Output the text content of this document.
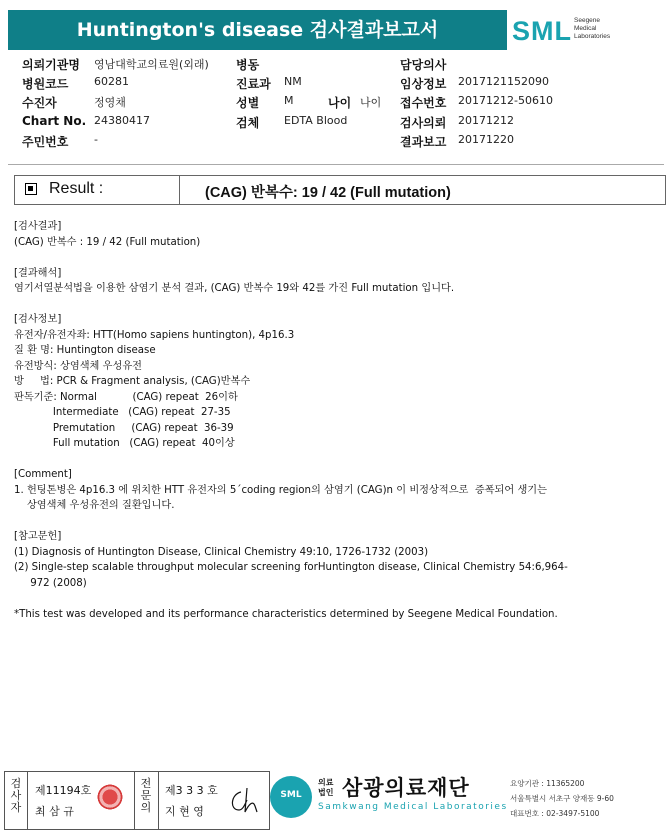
Huntington's disease 검사결과보고서	SML Seegene
Medical
Laboratories
의뢰기관명 영남대학교의료원(외래) 병동	담당의사
병원코드 60281	진료과 NM	임상정보 2017121152090
수진자	정영채	성별 M	나이 나이 접수번호 20171212-50610
Chart No. 24380417	검체 EDTA Blood	검사의뢰 20171212
주민번호 -	결과보고 20171220
Result :	(CAG) 반복수: 19 / 42 (Full mutation)
[검사결과]
(CAG) 반복수 : 19 / 42 (Full mutation)
[결과해석]
염기서열분석법을 이용한 삼염기 분석 결과, (CAG) 반복수 19와 42를 가진 Full mutation 입니다.
[검사정보]
유전자/유전자좌: HTT(Homo sapiens huntington), 4p16.3
질 환 명: Huntington disease
유전방식: 상염색체 우성유전
방     법: PCR & Fragment analysis, (CAG)반복수
판독기준: Normal           (CAG) repeat  26이하
Intermediate   (CAG) repeat  27-35
Premutation     (CAG) repeat  36-39
Full mutation   (CAG) repeat  40이상
[Comment]
1. 헌팅톤병은 4p16.3 에 위치한 HTT 유전자의 5´coding region의 삼염기 (CAG)n 이 비정상적으로  증폭되어 생기는
상염색체 우성유전의 질환입니다.
[참고문헌]
(1) Diagnosis of Huntington Disease, Clinical Chemistry 49:10, 1726-1732 (2003)
(2) Single-step scalable throughput molecular screening forHuntington disease, Clinical Chemistry 54:6,964-
972 (2008)
*This test was developed and its performance characteristics determined by Seegene Medical Foundation.
검
사
자
제11194호
최 삼 규
전
문
의
제3 3 3 호
지 현 영
SML
의료
법인 삼광의료재단
Samkwang Medical Laboratories
요양기관 : 11365200
서울특별시 서초구 양재동 9-60
대표번호 : 02-3497-5100
